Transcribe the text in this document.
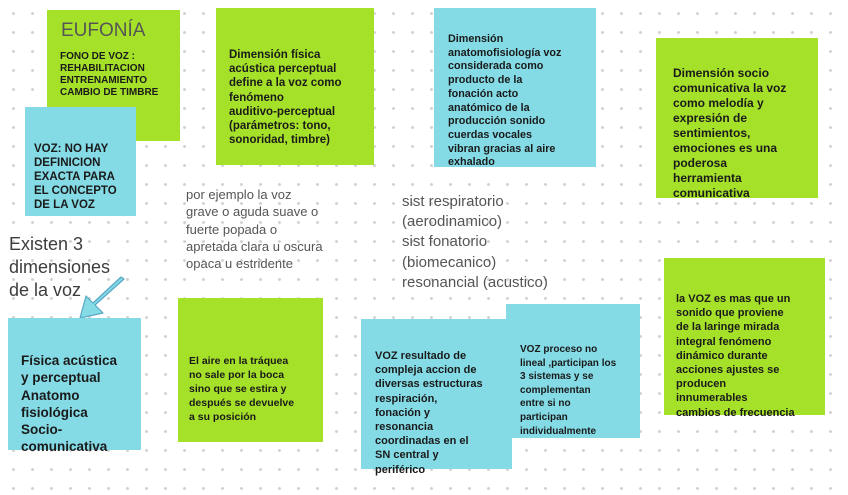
EUFONÍA

FONO DE VOZ :
REHABILITACION
ENTRENAMIENTO
CAMBIO DE TIMBRE

VOZ: NO HAY
DEFINICION
EXACTA PARA
EL CONCEPTO
DE LA VOZ

Dimensión física
acústica perceptual
define a la voz como
fenómeno
auditivo-perceptual
(parámetros: tono,
sonoridad, timbre)

Dimensión
anatomofisiología voz
considerada como
producto de la
fonación acto
anatómico de la
producción sonido
cuerdas vocales
vibran gracias al aire
exhalado

Dimensión socio
comunicativa la voz
como melodía y
expresión de
sentimientos,
emociones es una
poderosa
herramienta
comunicativa

por ejemplo la voz
grave o aguda suave o
fuerte popada o
apretada clara u oscura
opaca u estridente
sist respiratorio
(aerodinamico)
sist fonatorio
(biomecanico)
resonancial (acustico)
Existen 3
dimensiones
de la voz

Física acústica
y perceptual
Anatomo
fisiológica
Socio-
comunicativa

El aire en la tráquea
no sale por la boca
sino que se estira y
después se devuelve
a su posición

VOZ resultado de
compleja accion de
diversas estructuras
respiración,
fonación y
resonancia
coordinadas en el
SN central y
periférico

VOZ proceso no
lineal ,participan los
3 sistemas y se
complementan
entre si no
participan
individualmente

la VOZ es mas que un
sonido que proviene
de la laringe mirada
integral fenómeno
dinámico durante
acciones ajustes se
producen
innumerables
cambios de frecuencia
